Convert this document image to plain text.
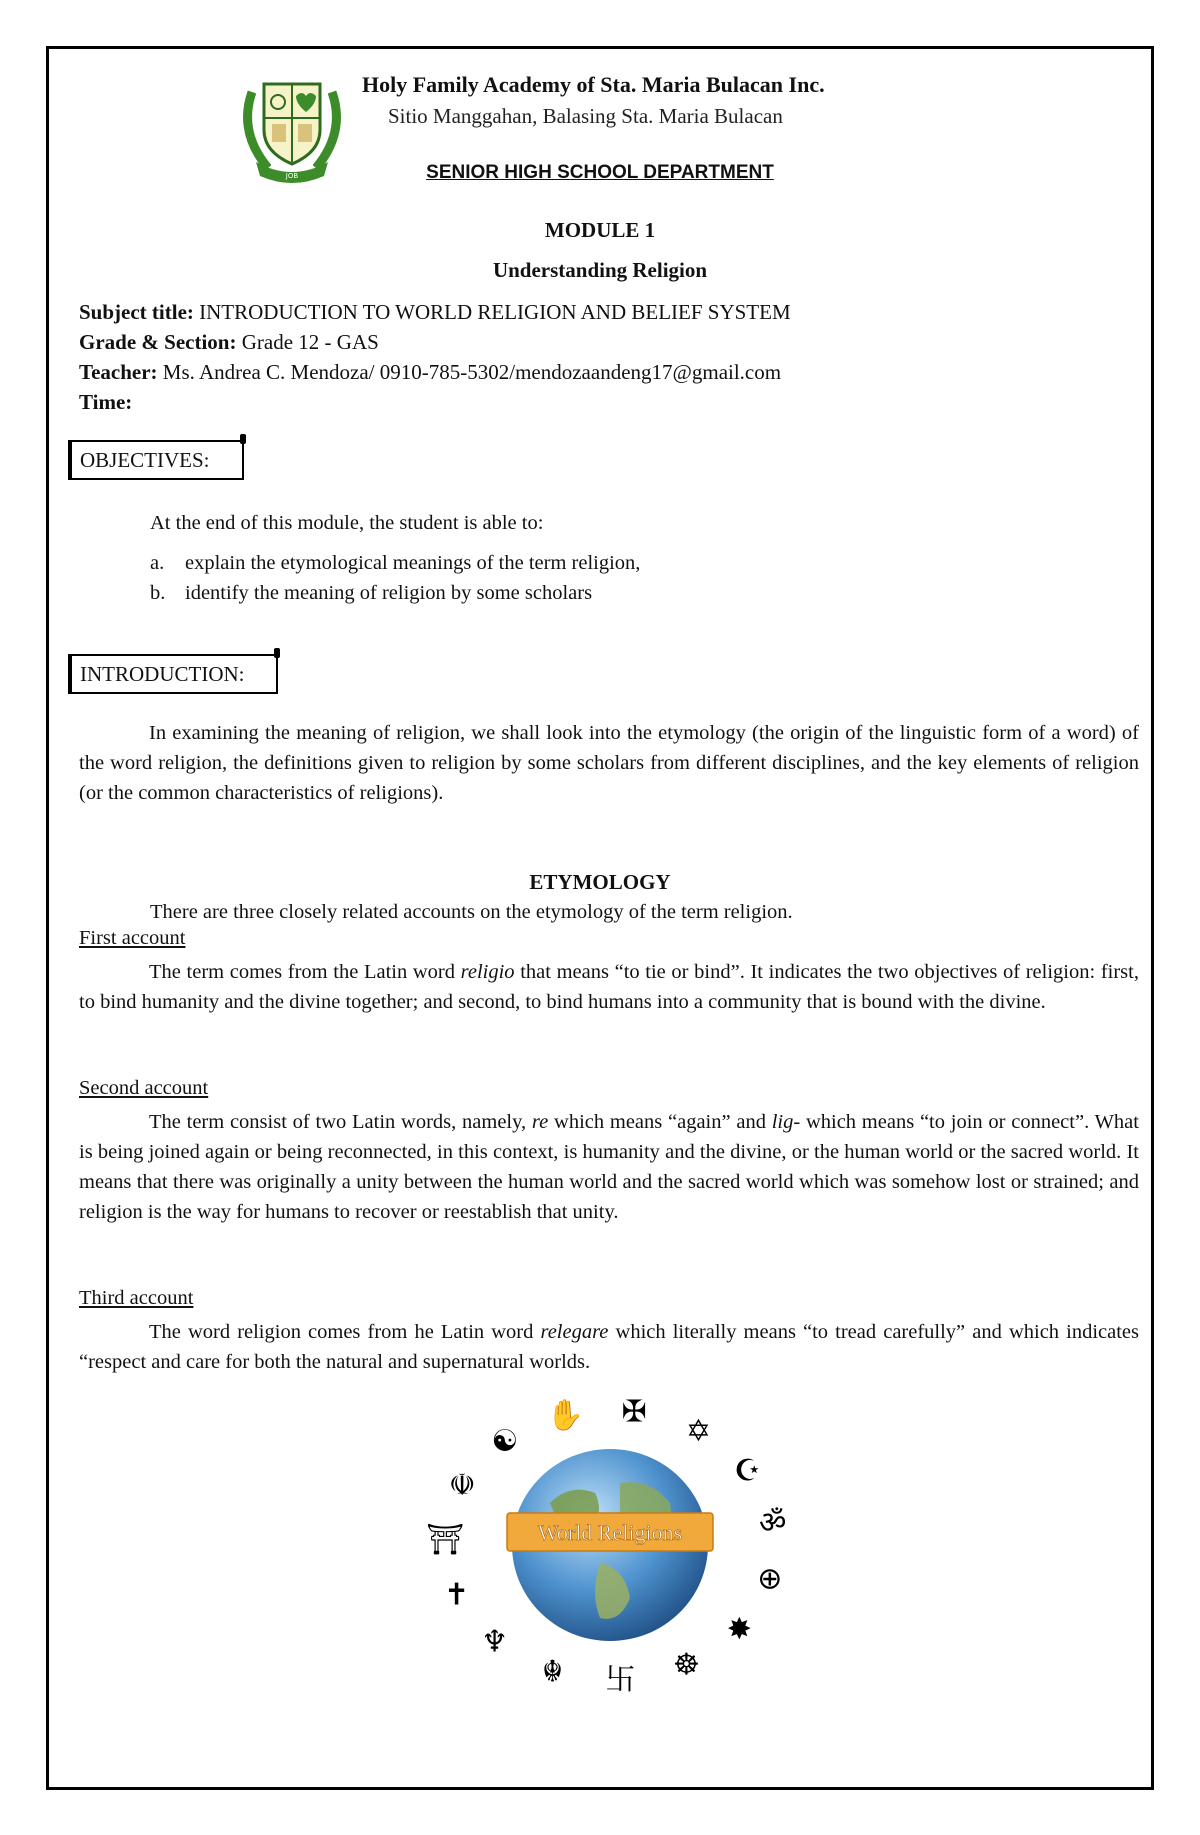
JOB
Holy Family Academy of Sta. Maria Bulacan Inc.
Sitio Manggahan, Balasing Sta. Maria Bulacan
SENIOR HIGH SCHOOL DEPARTMENT
MODULE 1
Understanding Religion
Subject title: INTRODUCTION TO WORLD RELIGION AND BELIEF SYSTEM
Grade & Section: Grade 12 - GAS
Teacher: Ms. Andrea C. Mendoza/ 0910-785-5302/mendozaandeng17@gmail.com
Time:
OBJECTIVES:
At the end of this module, the student is able to:
a.	explain the etymological meanings of the term religion,
b. identify the meaning of religion by some scholars
INTRODUCTION:
In examining the meaning of religion, we shall look into the etymology (the origin of the linguistic form of a word) of the word religion, the definitions given to religion by some scholars from different disciplines, and the key elements of religion (or the common characteristics of religions).
ETYMOLOGY
There are three closely related accounts on the etymology of the term religion.
First account
The term comes from the Latin word religio that means “to tie or bind”. It indicates the two objectives of religion: first, to bind humanity and the divine together; and second, to bind humans into a community that is bound with the divine.
Second account
The term consist of two Latin words, namely, re which means “again” and lig- which means “to join or connect”. What is being joined again or being reconnected, in this context, is humanity and the divine, or the human world or the sacred world. It means that there was originally a unity between the human world and the sacred world which was somehow lost or strained; and religion is the way for humans to recover or reestablish that unity.
Third account
The word religion comes from he Latin word relegare which literally means “to tread carefully” and which indicates “respect and care for both the natural and supernatural worlds.
World Religions
☯
✋ ✠
✡
☪
ॐ
⊕
✸
☸
卐
☬
♆
✝
⛩
☫
